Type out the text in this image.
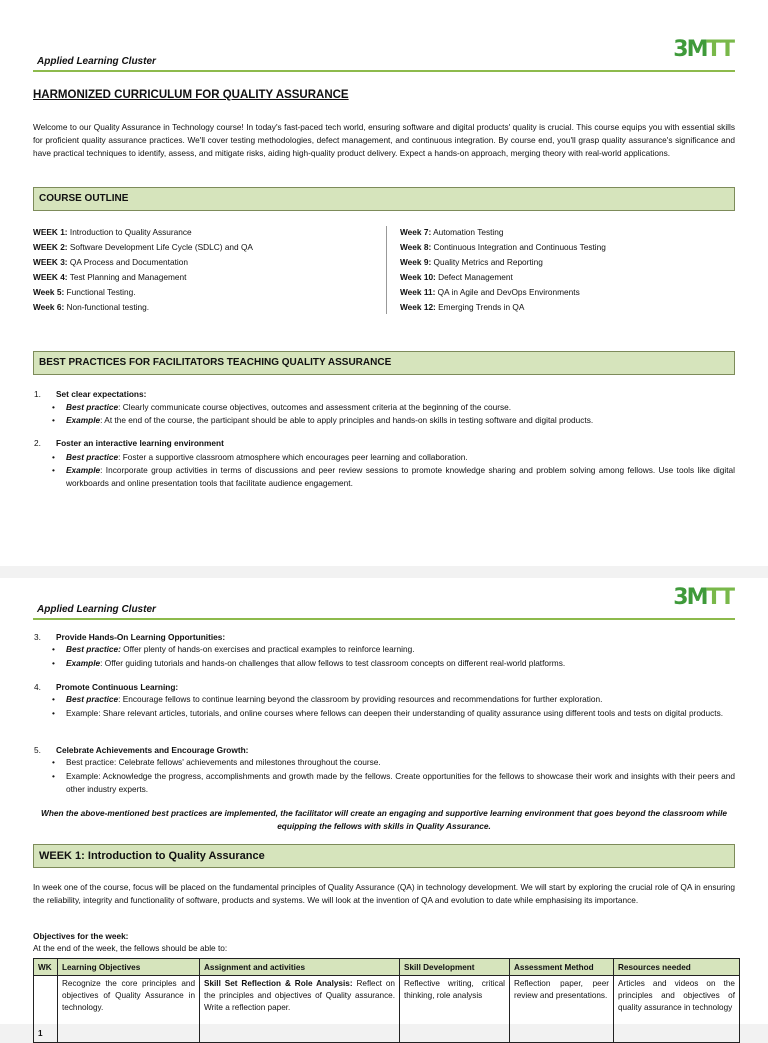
Applied Learning Cluster	3MTT
HARMONIZED CURRICULUM FOR QUALITY ASSURANCE
Welcome to our Quality Assurance in Technology course! In today's fast-paced tech world, ensuring software and digital products' quality is crucial. This course equips you with essential skills for proficient quality assurance practices. We'll cover testing methodologies, defect management, and continuous integration. By course end, you'll grasp quality assurance's significance and have practical techniques to identify, assess, and mitigate risks, aiding high-quality product delivery. Expect a hands-on approach, merging theory with real-world applications.
COURSE OUTLINE
WEEK 1: Introduction to Quality Assurance
WEEK 2: Software Development Life Cycle (SDLC) and QA
WEEK 3: QA Process and Documentation
WEEK 4: Test Planning and Management
Week 5: Functional Testing.
Week 6: Non-functional testing.
Week 7: Automation Testing
Week 8: Continuous Integration and Continuous Testing
Week 9: Quality Metrics and Reporting
Week 10: Defect Management
Week 11: QA in Agile and DevOps Environments
Week 12: Emerging Trends in QA
BEST PRACTICES FOR FACILITATORS TEACHING QUALITY ASSURANCE
1. Set clear expectations:
• Best practice: Clearly communicate course objectives, outcomes and assessment criteria at the beginning of the course.
• Example: At the end of the course, the participant should be able to apply principles and hands-on skills in testing software and digital products.
2. Foster an interactive learning environment
• Best practice: Foster a supportive classroom atmosphere which encourages peer learning and collaboration.
• Example: Incorporate group activities in terms of discussions and peer review sessions to promote knowledge sharing and problem solving among fellows. Use tools like digital workboards and online presentation tools that facilitate audience engagement.
Applied Learning Cluster	3MTT
3. Provide Hands-On Learning Opportunities:
• Best practice: Offer plenty of hands-on exercises and practical examples to reinforce learning.
• Example: Offer guiding tutorials and hands-on challenges that allow fellows to test classroom concepts on different real-world platforms.
4. Promote Continuous Learning:
• Best practice: Encourage fellows to continue learning beyond the classroom by providing resources and recommendations for further exploration.
• Example: Share relevant articles, tutorials, and online courses where fellows can deepen their understanding of quality assurance using different tools and tests on digital products.
5. Celebrate Achievements and Encourage Growth:
• Best practice: Celebrate fellows' achievements and milestones throughout the course.
• Example: Acknowledge the progress, accomplishments and growth made by the fellows. Create opportunities for the fellows to showcase their work and insights with their peers and other industry experts.
When the above-mentioned best practices are implemented, the facilitator will create an engaging and supportive learning environment that goes beyond the classroom while equipping the fellows with skills in Quality Assurance.
WEEK 1: Introduction to Quality Assurance
In week one of the course, focus will be placed on the fundamental principles of Quality Assurance (QA) in technology development. We will start by exploring the crucial role of QA in ensuring the reliability, integrity and functionality of software, products and systems. We will look at the invention of QA and evolution to date while emphasising its importance.
Objectives for the week:
At the end of the week, the fellows should be able to:
WK	Learning Objectives	Assignment and activities	Skill Development	Assessment Method	Resources needed
1	Recognize the core principles and objectives of Quality Assurance in technology.	Skill Set Reflection & Role Analysis: Reflect on the principles and objectives of Quality assurance. Write a reflection paper.	Reflective writing, critical thinking, role analysis	Reflection paper, peer review and presentations.	Articles and videos on the principles and objectives of quality assurance in technology
